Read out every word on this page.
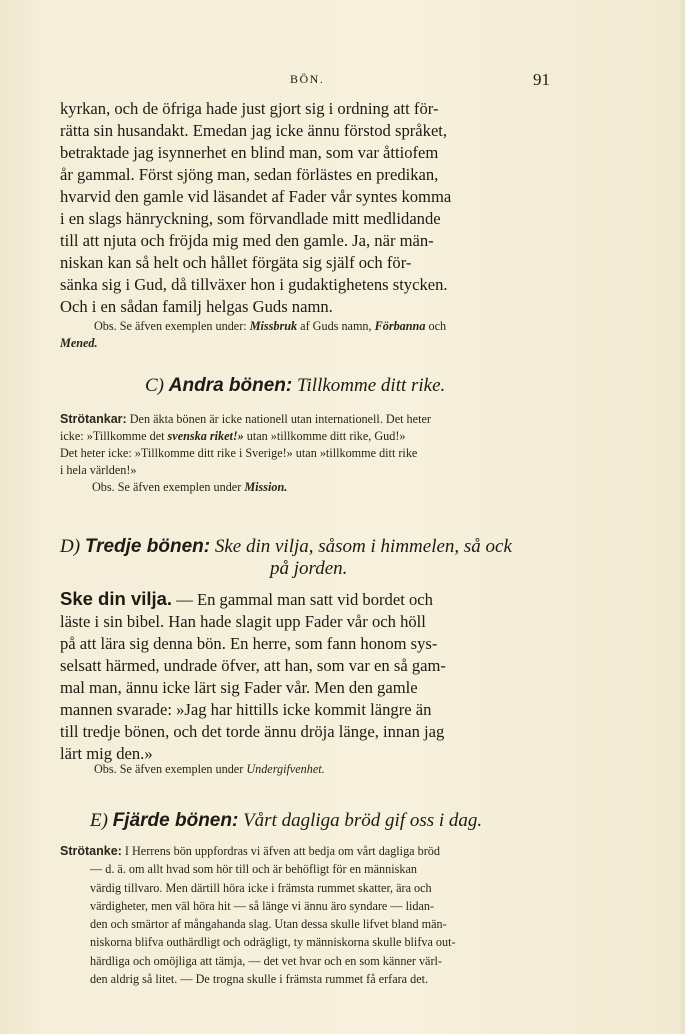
BÖN.	91
kyrkan, och de öfriga hade just gjort sig i ordning att för-
rätta sin husandakt. Emedan jag icke ännu förstod språket,
betraktade jag isynnerhet en blind man, som var åttiofem
år gammal. Först sjöng man, sedan förlästes en predikan,
hvarvid den gamle vid läsandet af Fader vår syntes komma
i en slags hänryckning, som förvandlade mitt medlidande
till att njuta och fröjda mig med den gamle. Ja, när män-
niskan kan så helt och hållet förgäta sig själf och för-
sänka sig i Gud, då tillväxer hon i gudaktighetens stycken.
Och i en sådan familj helgas Guds namn.
Obs. Se äfven exemplen under: Missbruk af Guds namn, Förbanna och
Mened.
C) Andra bönen: Tillkomme ditt rike.
Strötankar: Den äkta bönen är icke nationell utan internationell. Det heter
icke: »Tillkomme det svenska riket!» utan »tillkomme ditt rike, Gud!»
Det heter icke: »Tillkomme ditt rike i Sverige!» utan »tillkomme ditt rike
i hela världen!»
Obs. Se äfven exemplen under Mission.
D) Tredje bönen: Ske din vilja, såsom i himmelen, så ock
på jorden.
Ske din vilja. — En gammal man satt vid bordet och
läste i sin bibel. Han hade slagit upp Fader vår och höll
på att lära sig denna bön. En herre, som fann honom sys-
selsatt härmed, undrade öfver, att han, som var en så gam-
mal man, ännu icke lärt sig Fader vår. Men den gamle
mannen svarade: »Jag har hittills icke kommit längre än
till tredje bönen, och det torde ännu dröja länge, innan jag
lärt mig den.»
Obs. Se äfven exemplen under Undergifvenhet.
E) Fjärde bönen: Vårt dagliga bröd gif oss i dag.
Strötanke: I Herrens bön uppfordras vi äfven att bedja om vårt dagliga bröd
— d. ä. om allt hvad som hör till och är behöfligt för en människan
värdig tillvaro. Men därtill höra icke i främsta rummet skatter, ära och
värdigheter, men väl höra hit — så länge vi ännu äro syndare — lidan-
den och smärtor af mångahanda slag. Utan dessa skulle lifvet bland män-
niskorna blifva outhärdligt och odrägligt, ty människorna skulle blifva out-
härdliga och omöjliga att tämja, — det vet hvar och en som känner värl-
den aldrig så litet. — De trogna skulle i främsta rummet få erfara det.
